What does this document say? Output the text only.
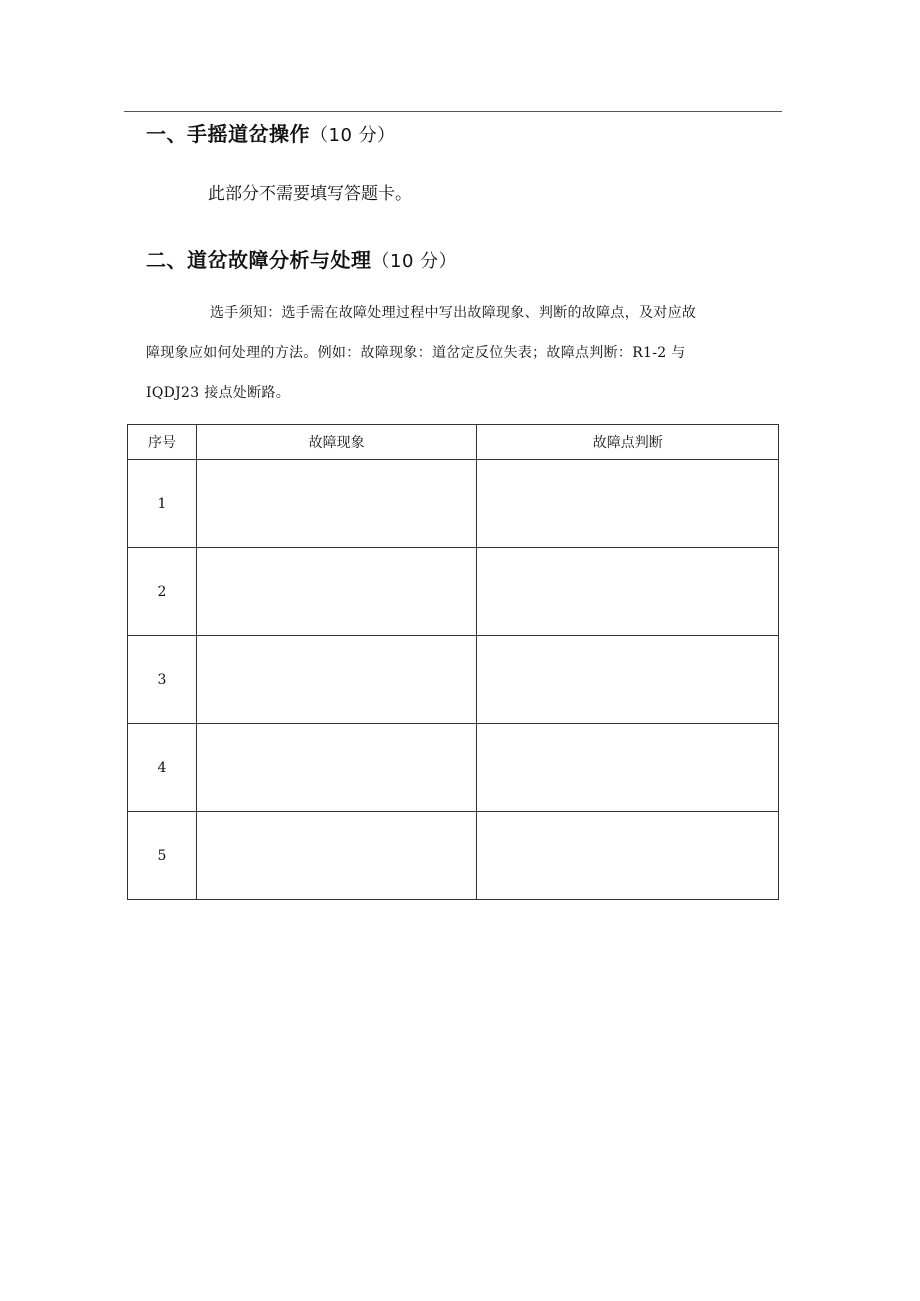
一、手摇道岔操作（10 分）
此部分不需要填写答题卡。
二、道岔故障分析与处理（10 分）
选手须知：选手需在故障处理过程中写出故障现象、判断的故障点，及对应故
障现象应如何处理的方法。例如：故障现象：道岔定反位失表；故障点判断：R1-2 与
IQDJ23 接点处断路。
序号	故障现象	故障点判断
1		
2		
3		
4		
5		
